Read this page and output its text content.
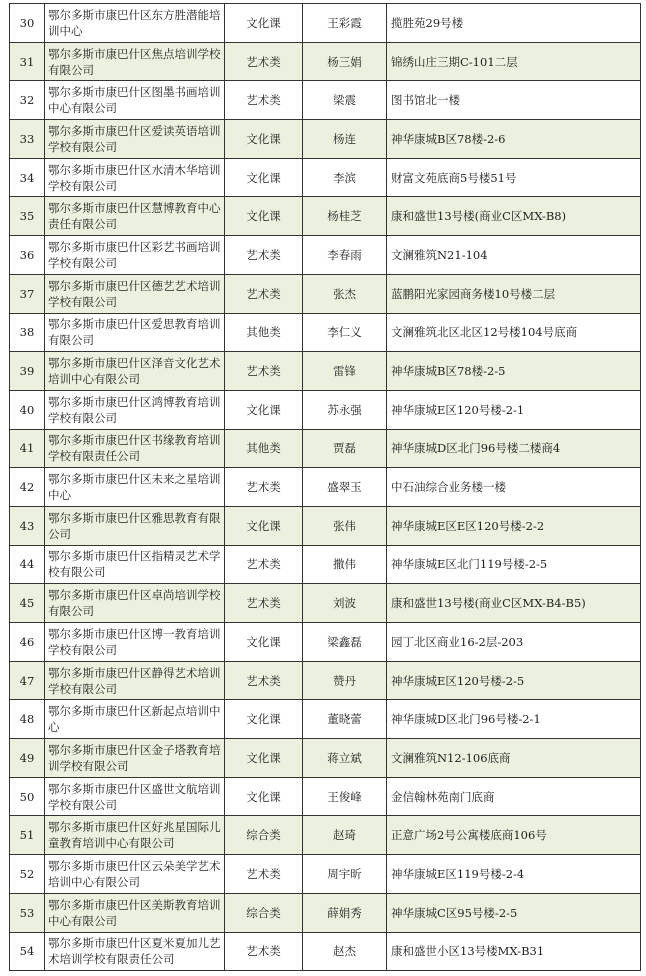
30	鄂尔多斯市康巴什区东方胜潜能培训中心	文化课	王彩霞	揽胜苑29号楼
31	鄂尔多斯市康巴什区焦点培训学校有限公司	艺术类	杨三娟	锦绣山庄三期C-101二层
32	鄂尔多斯市康巴什区图墨书画培训中心有限公司	艺术类	梁震	图书馆北一楼
33	鄂尔多斯市康巴什区爱读英语培训学校有限公司	文化课	杨连	神华康城B区78楼-2-6
34	鄂尔多斯市康巴什区水清木华培训学校有限公司	文化课	李滨	财富文苑底商5号楼51号
35	鄂尔多斯市康巴什区慧博教育中心责任有限公司	文化课	杨桂芝	康和盛世13号楼(商业C区MX-B8)
36	鄂尔多斯市康巴什区彩艺书画培训学校有限公司	艺术类	李春雨	文澜雅筑N21-104
37	鄂尔多斯市康巴什区德艺艺术培训学校有限公司	艺术类	张杰	蓝鹏阳光家园商务楼10号楼二层
38	鄂尔多斯市康巴什区爱思教育培训有限公司	其他类	李仁义	文澜雅筑北区北区12号楼104号底商
39	鄂尔多斯市康巴什区泽音文化艺术培训中心有限公司	艺术类	雷锋	神华康城B区78楼-2-5
40	鄂尔多斯市康巴什区鸿博教育培训学校有限公司	文化课	苏永强	神华康城E区120号楼-2-1
41	鄂尔多斯市康巴什区书缘教育培训学校有限责任公司	其他类	贾磊	神华康城D区北门96号楼二楼商4
42	鄂尔多斯市康巴什区未来之星培训中心	艺术类	盛翠玉	中石油综合业务楼一楼
43	鄂尔多斯市康巴什区雅思教育有限公司	文化课	张伟	神华康城E区E区120号楼-2-2
44	鄂尔多斯市康巴什区指精灵艺术学校有限公司	艺术类	撒伟	神华康城E区北门119号楼-2-5
45	鄂尔多斯市康巴什区卓尚培训学校有限公司	艺术类	刘波	康和盛世13号楼(商业C区MX-B4-B5)
46	鄂尔多斯市康巴什区博一教育培训学校有限公司	文化课	梁鑫磊	园丁北区商业16-2层-203
47	鄂尔多斯市康巴什区静得艺术培训学校有限公司	艺术类	赞丹	神华康城E区120号楼-2-5
48	鄂尔多斯市康巴什区新起点培训中心	文化课	董晓蕾	神华康城D区北门96号楼-2-1
49	鄂尔多斯市康巴什区金子塔教育培训学校有限公司	文化课	蒋立斌	文澜雅筑N12-106底商
50	鄂尔多斯市康巴什区盛世文航培训学校有限公司	文化课	王俊峰	金信翰林苑南门底商
51	鄂尔多斯市康巴什区好兆星国际儿童教育培训中心有限公司	综合类	赵琦	正意广场2号公寓楼底商106号
52	鄂尔多斯市康巴什区云朵美学艺术培训中心有限公司	艺术类	周宇昕	神华康城E区119号楼-2-4
53	鄂尔多斯市康巴什区美斯教育培训中心有限公司	综合类	薛娟秀	神华康城C区95号楼-2-5
54	鄂尔多斯市康巴什区夏米夏加儿艺术培训学校有限责任公司	艺术类	赵杰	康和盛世小区13号楼MX-B31
